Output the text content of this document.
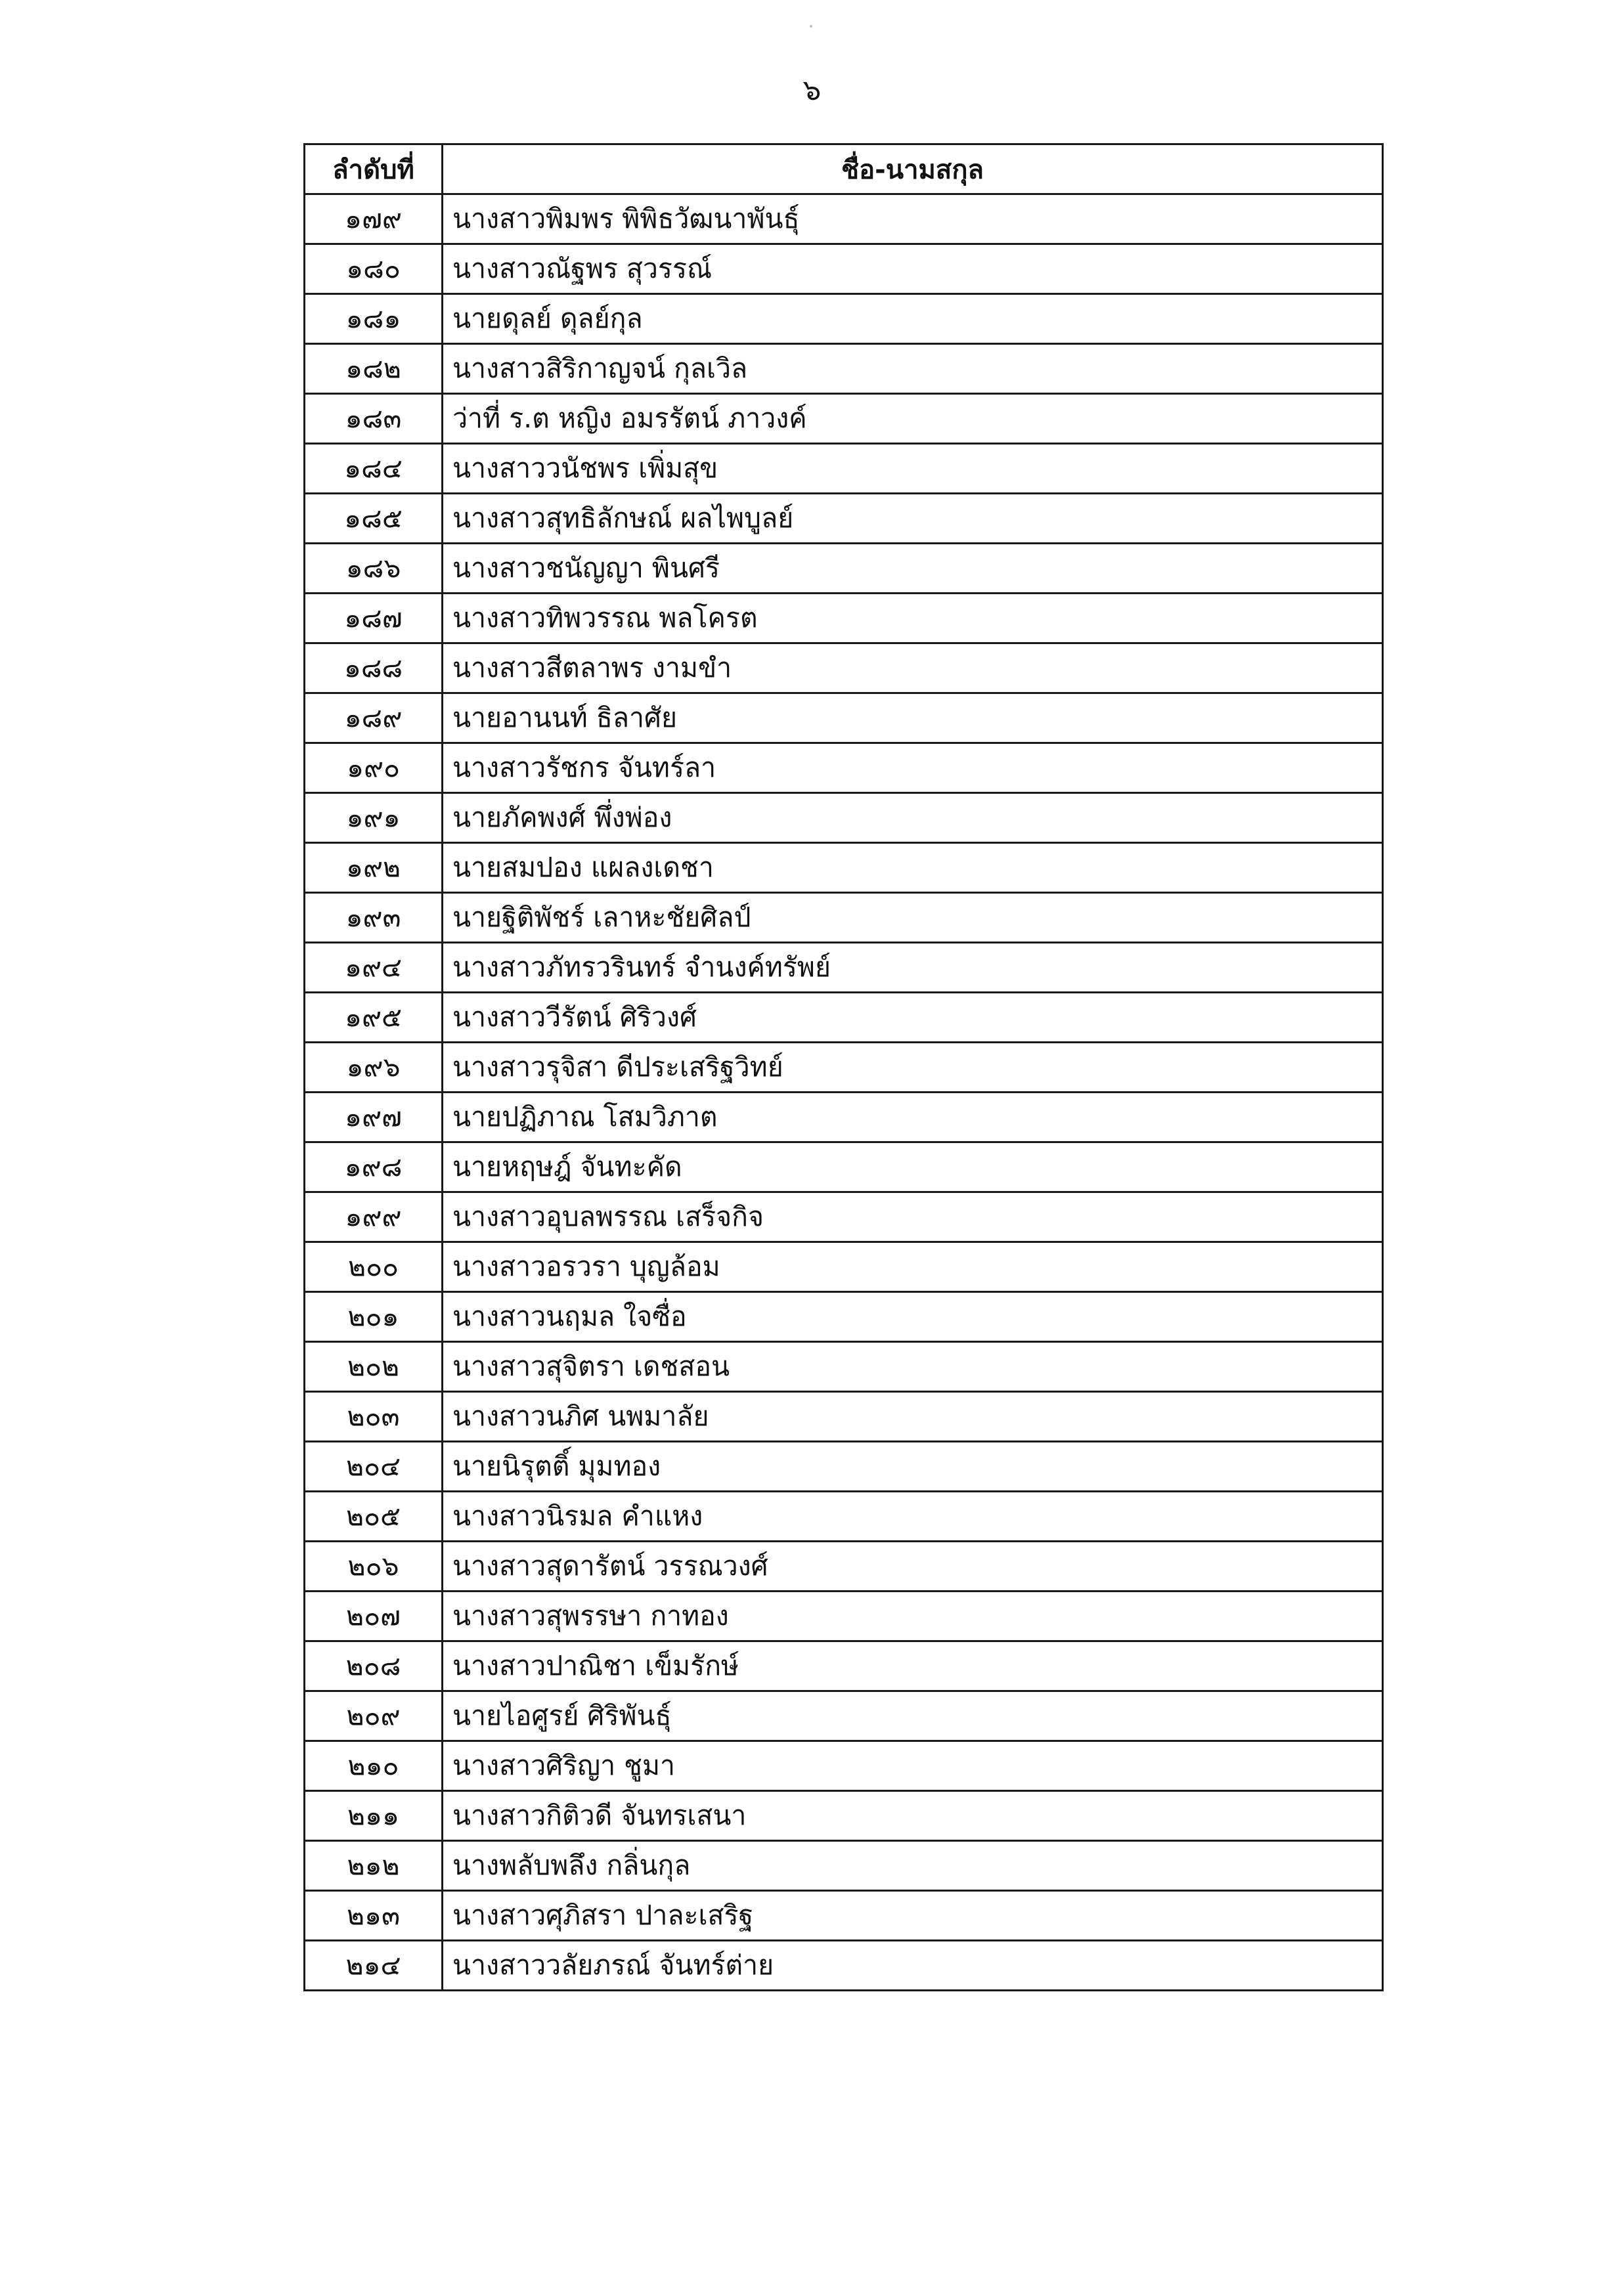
๖
ลำดับที่	ชื่อ-นามสกุล
๑๗๙	นางสาวพิมพร พิพิธวัฒนาพันธุ์
๑๘๐	นางสาวณัฐพร สุวรรณ์
๑๘๑	นายดุลย์ ดุลย์กุล
๑๘๒	นางสาวสิริกาญจน์ กุลเวิล
๑๘๓	ว่าที่ ร.ต หญิง อมรรัตน์ ภาวงค์
๑๘๔	นางสาววนัชพร เพิ่มสุข
๑๘๕	นางสาวสุทธิลักษณ์ ผลไพบูลย์
๑๘๖	นางสาวชนัญญา พินศรี
๑๘๗	นางสาวทิพวรรณ พลโครต
๑๘๘	นางสาวสีตลาพร งามขำ
๑๘๙	นายอานนท์ ธิลาศัย
๑๙๐	นางสาวรัชกร จันทร์ลา
๑๙๑	นายภัคพงศ์ พึ่งพ่อง
๑๙๒	นายสมปอง แผลงเดชา
๑๙๓	นายฐิติพัชร์ เลาหะชัยศิลป์
๑๙๔	นางสาวภัทรวรินทร์ จำนงค์ทรัพย์
๑๙๕	นางสาววีรัตน์ ศิริวงศ์
๑๙๖	นางสาวรุจิสา ดีประเสริฐวิทย์
๑๙๗	นายปฏิภาณ โสมวิภาต
๑๙๘	นายหฤษฎ์ จันทะคัด
๑๙๙	นางสาวอุบลพรรณ เสร็จกิจ
๒๐๐	นางสาวอรวรา บุญล้อม
๒๐๑	นางสาวนฤมล ใจซื่อ
๒๐๒	นางสาวสุจิตรา เดชสอน
๒๐๓	นางสาวนภิศ นพมาลัย
๒๐๔	นายนิรุตติ์ มุมทอง
๒๐๕	นางสาวนิรมล คำแหง
๒๐๖	นางสาวสุดารัตน์ วรรณวงศ์
๒๐๗	นางสาวสุพรรษา กาทอง
๒๐๘	นางสาวปาณิชา เข็มรักษ์
๒๐๙	นายไอศูรย์ ศิริพันธุ์
๒๑๐	นางสาวศิริญา ชูมา
๒๑๑	นางสาวกิติวดี จันทรเสนา
๒๑๒	นางพลับพลึง กลิ่นกุล
๒๑๓	นางสาวศุภิสรา ปาละเสริฐ
๒๑๔	นางสาววลัยภรณ์ จันทร์ต่าย
